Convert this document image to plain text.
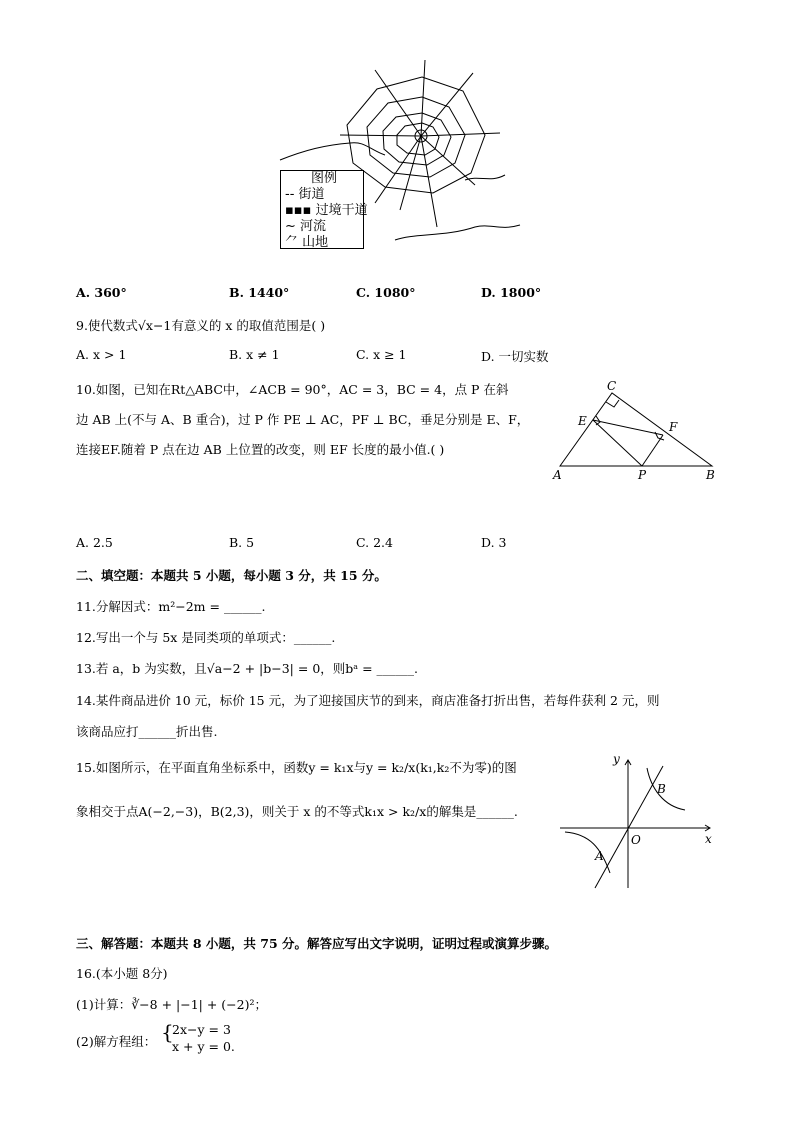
图例
-- 街道
▪▪▪ 过境干道
~ 河流
⺈ 山地
A. 360°	B. 1440°	C. 1080°	D. 1800°
9.使代数式√x−1有意义的 x 的取值范围是( )
A. x > 1	B. x ≠ 1	C. x ≥ 1	D. 一切实数
10.如图，已知在Rt△ABC中，∠ACB = 90°，AC = 3，BC = 4，点 P 在斜
边 AB 上(不与 A、B 重合)，过 P 作 PE ⊥ AC，PF ⊥ BC，垂足分别是 E、F，
连接EF.随着 P 点在边 AB 上位置的改变，则 EF 长度的最小值.( )
C
E	F
A	P	B
A. 2.5	B. 5	C. 2.4	D. 3
二、填空题：本题共 5 小题，每小题 3 分，共 15 分。
11.分解因式：m²−2m = ______.
12.写出一个与 5x 是同类项的单项式：______.
13.若 a，b 为实数，且√a−2 + |b−3| = 0，则bᵃ = ______.
14.某件商品进价 10 元，标价 15 元，为了迎接国庆节的到来，商店准备打折出售，若每件获利 2 元，则
该商品应打______折出售.
15.如图所示，在平面直角坐标系中，函数y = k₁x与y = k₂/x(k₁,k₂不为零)的图
象相交于点A(−2,−3)，B(2,3)，则关于 x 的不等式k₁x > k₂/x的解集是______.
y
x
O
A
B
三、解答题：本题共 8 小题，共 75 分。解答应写出文字说明，证明过程或演算步骤。
16.(本小题 8分)
(1)计算：∛−8 + |−1| + (−2)²；
(2)解方程组： {
2x−y = 3
x + y = 0.
